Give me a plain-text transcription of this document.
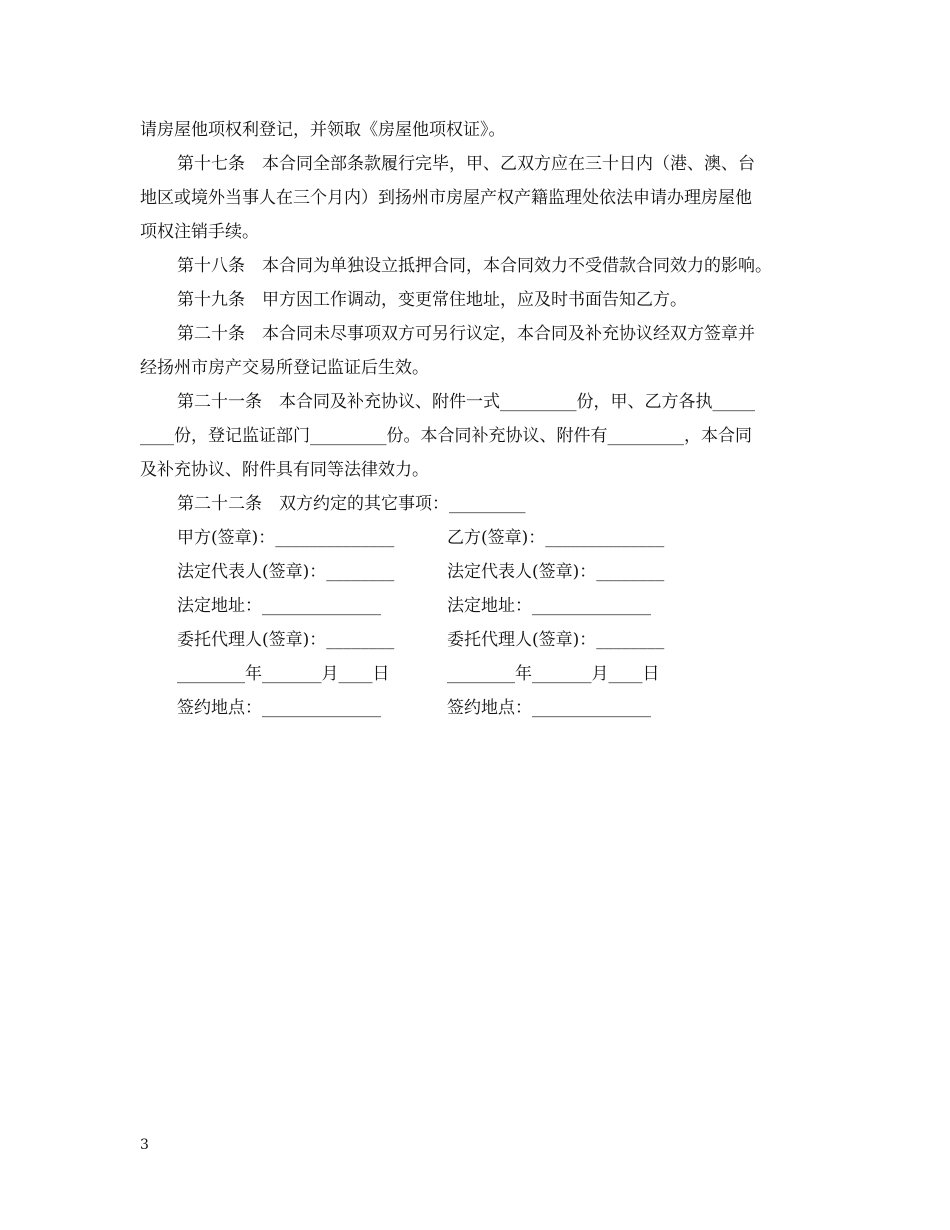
请房屋他项权利登记，并领取《房屋他项权证》。
第十七条　本合同全部条款履行完毕，甲、乙双方应在三十日内（港、澳、台
地区或境外当事人在三个月内）到扬州市房屋产权产籍监理处依法申请办理房屋他
项权注销手续。
第十八条　本合同为单独设立抵押合同，本合同效力不受借款合同效力的影响。
第十九条　甲方因工作调动，变更常住地址，应及时书面告知乙方。
第二十条　本合同未尽事项双方可另行议定，本合同及补充协议经双方签章并
经扬州市房产交易所登记监证后生效。
第二十一条　本合同及补充协议、附件一式_________份，甲、乙方各执_____
____份，登记监证部门_________份。本合同补充协议、附件有_________，本合同
及补充协议、附件具有同等法律效力。
第二十二条　双方约定的其它事项：_________
甲方(签章)：______________	乙方(签章)：______________
法定代表人(签章)：________	法定代表人(签章)：________
法定地址：______________	法定地址：______________
委托代理人(签章)：________	委托代理人(签章)：________
________年_______月____日	________年_______月____日
签约地点：______________	签约地点：______________
3
